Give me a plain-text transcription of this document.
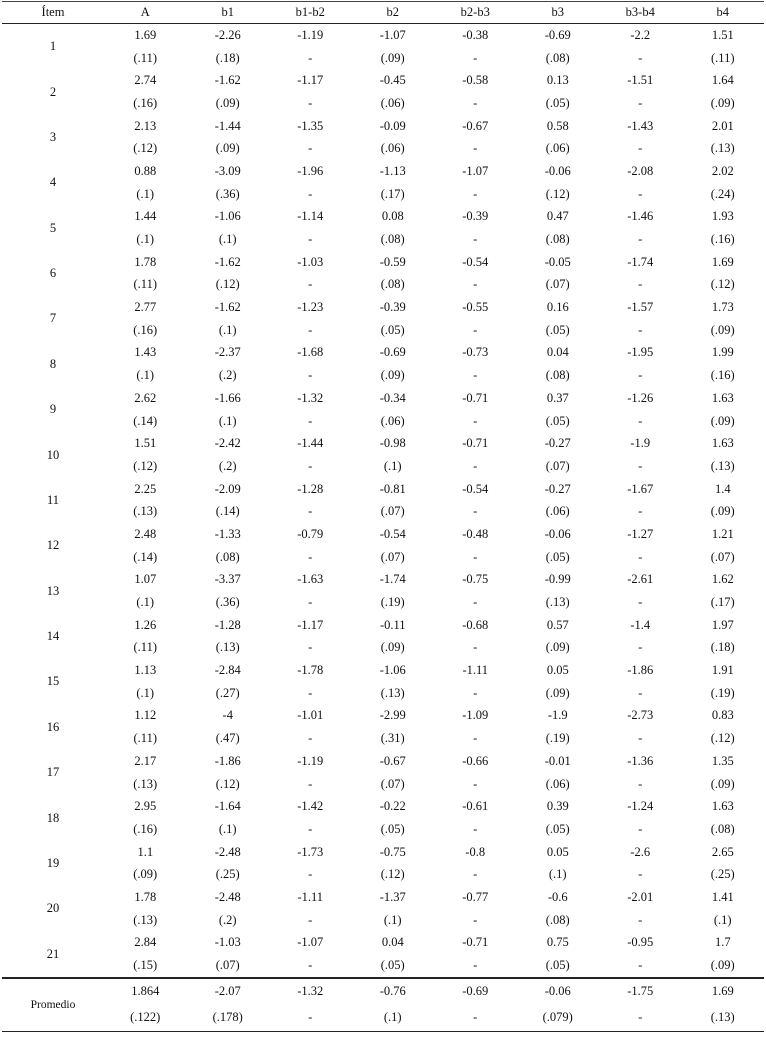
Ítem	A	b1	b1-b2	b2	b2-b3	b3	b3-b4	b4
1	1.69	-2.26	-1.19	-1.07	-0.38	-0.69	-2.2	1.51
	(.11)	(.18)	-	(.09)	-	(.08)	-	(.11)
2	2.74	-1.62	-1.17	-0.45	-0.58	0.13	-1.51	1.64
	(.16)	(.09)	-	(.06)	-	(.05)	-	(.09)
3	2.13	-1.44	-1.35	-0.09	-0.67	0.58	-1.43	2.01
	(.12)	(.09)	-	(.06)	-	(.06)	-	(.13)
4	0.88	-3.09	-1.96	-1.13	-1.07	-0.06	-2.08	2.02
	(.1)	(.36)	-	(.17)	-	(.12)	-	(.24)
5	1.44	-1.06	-1.14	0.08	-0.39	0.47	-1.46	1.93
	(.1)	(.1)	-	(.08)	-	(.08)	-	(.16)
6	1.78	-1.62	-1.03	-0.59	-0.54	-0.05	-1.74	1.69
	(.11)	(.12)	-	(.08)	-	(.07)	-	(.12)
7	2.77	-1.62	-1.23	-0.39	-0.55	0.16	-1.57	1.73
	(.16)	(.1)	-	(.05)	-	(.05)	-	(.09)
8	1.43	-2.37	-1.68	-0.69	-0.73	0.04	-1.95	1.99
	(.1)	(.2)	-	(.09)	-	(.08)	-	(.16)
9	2.62	-1.66	-1.32	-0.34	-0.71	0.37	-1.26	1.63
	(.14)	(.1)	-	(.06)	-	(.05)	-	(.09)
10	1.51	-2.42	-1.44	-0.98	-0.71	-0.27	-1.9	1.63
	(.12)	(.2)	-	(.1)	-	(.07)	-	(.13)
11	2.25	-2.09	-1.28	-0.81	-0.54	-0.27	-1.67	1.4
	(.13)	(.14)	-	(.07)	-	(.06)	-	(.09)
12	2.48	-1.33	-0.79	-0.54	-0.48	-0.06	-1.27	1.21
	(.14)	(.08)	-	(.07)	-	(.05)	-	(.07)
13	1.07	-3.37	-1.63	-1.74	-0.75	-0.99	-2.61	1.62
	(.1)	(.36)	-	(.19)	-	(.13)	-	(.17)
14	1.26	-1.28	-1.17	-0.11	-0.68	0.57	-1.4	1.97
	(.11)	(.13)	-	(.09)	-	(.09)	-	(.18)
15	1.13	-2.84	-1.78	-1.06	-1.11	0.05	-1.86	1.91
	(.1)	(.27)	-	(.13)	-	(.09)	-	(.19)
16	1.12	-4	-1.01	-2.99	-1.09	-1.9	-2.73	0.83
	(.11)	(.47)	-	(.31)	-	(.19)	-	(.12)
17	2.17	-1.86	-1.19	-0.67	-0.66	-0.01	-1.36	1.35
	(.13)	(.12)	-	(.07)	-	(.06)	-	(.09)
18	2.95	-1.64	-1.42	-0.22	-0.61	0.39	-1.24	1.63
	(.16)	(.1)	-	(.05)	-	(.05)	-	(.08)
19	1.1	-2.48	-1.73	-0.75	-0.8	0.05	-2.6	2.65
	(.09)	(.25)	-	(.12)	-	(.1)	-	(.25)
20	1.78	-2.48	-1.11	-1.37	-0.77	-0.6	-2.01	1.41
	(.13)	(.2)	-	(.1)	-	(.08)	-	(.1)
21	2.84	-1.03	-1.07	0.04	-0.71	0.75	-0.95	1.7
	(.15)	(.07)	-	(.05)	-	(.05)	-	(.09)
Promedio	1.864	-2.07	-1.32	-0.76	-0.69	-0.06	-1.75	1.69
	(.122)	(.178)	-	(.1)	-	(.079)	-	(.13)
